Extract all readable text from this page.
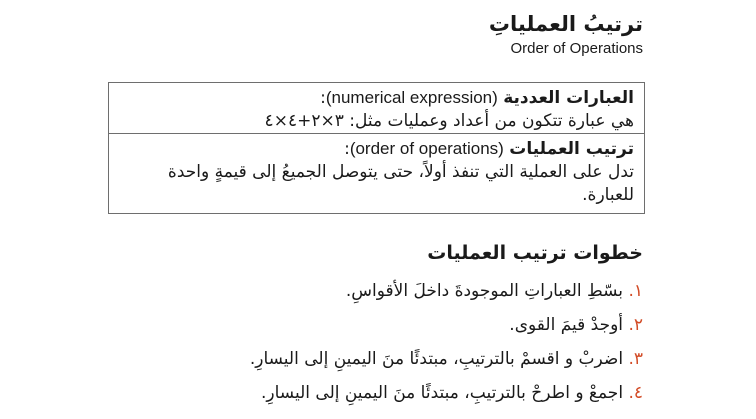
ترتيبُ العملياتِ
Order of Operations
العبارات العددية (numerical expression):
هي عبارة تتكون من أعداد وعمليات مثل: ٣×٢+٤×٤
ترتيب العمليات (order of operations):
تدل على العملية التي تنفذ أولاً، حتى يتوصل الجميعُ إلى قيمةٍ واحدة للعبارة.
خطوات ترتيب العمليات
١. بسّطِ العباراتِ الموجودةَ داخلَ الأقواسِ.
٢. أوجدْ قيمَ القوى.
٣. اضربْ و اقسمْ بالترتيبِ، مبتدئًا منَ اليمينِ إلى اليسارِ.
٤. اجمعْ و اطرحْ بالترتيبِ، مبتدئًا منَ اليمينِ إلى اليسارِ.
